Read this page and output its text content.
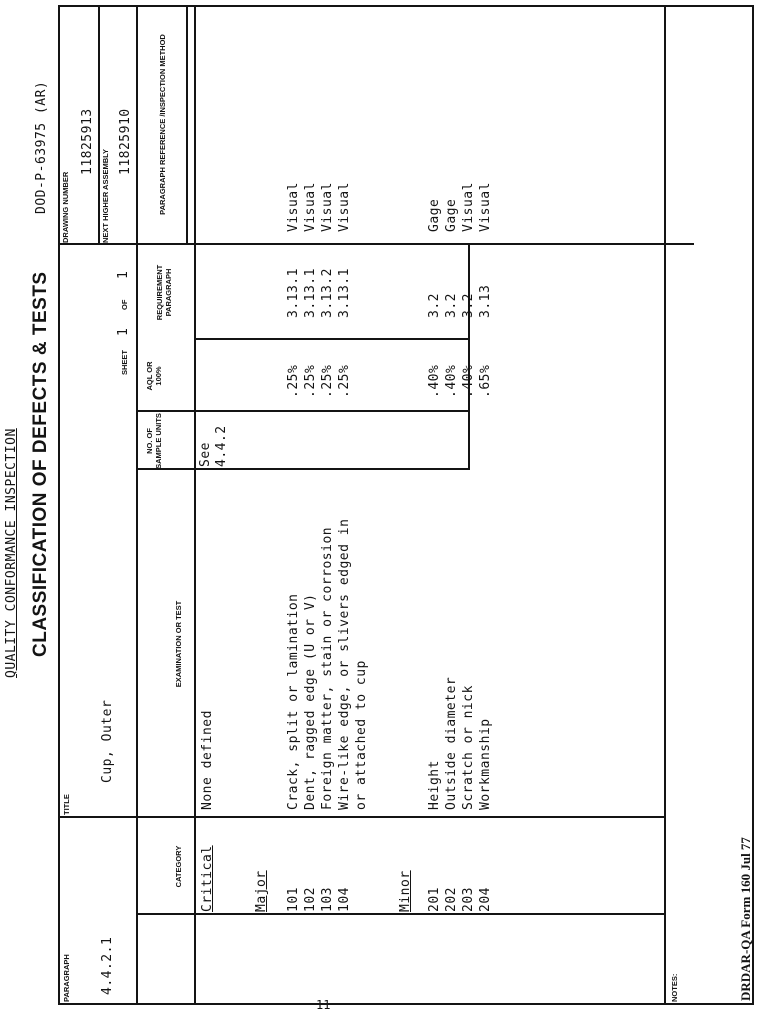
QUALITY CONFORMANCE INSPECTION CLASSIFICATION OF DEFECTS & TESTS
DOD-P-63975 (AR)
PARAGRAPH 4.4.2.1
TITLE
Cup, Outer
SHEET
1
OF
1
DRAWING NUMBER
11825913
NEXT HIGHER ASSEMBLY
11825910
CATEGORY
EXAMINATION OR TEST
NO. OF SAMPLE UNITS
AQL OR 100%
REQUIREMENT PARAGRAPH
PARAGRAPH REFERENCE /INSPECTION METHOD
Critical
None defined
See 4.4.2
Major 101 102 103 104
Crack, split or lamination Dent, ragged edge (U or V) Foreign matter, stain or corrosion Wire-like edge, or slivers edged in or attached to cup
.25% .25% .25% .25%
3.13.1 3.13.1 3.13.2 3.13.1
Visual Visual Visual Visual
Minor 201 202 203 204
Height Outside diameter Scratch or nick Workmanship
.40% .40% .40% .65%
3.2 3.2 3.2 3.13
Gage Gage Visual Visual
NOTES:	DRDAR-QA Form 160 Jul 77
11
